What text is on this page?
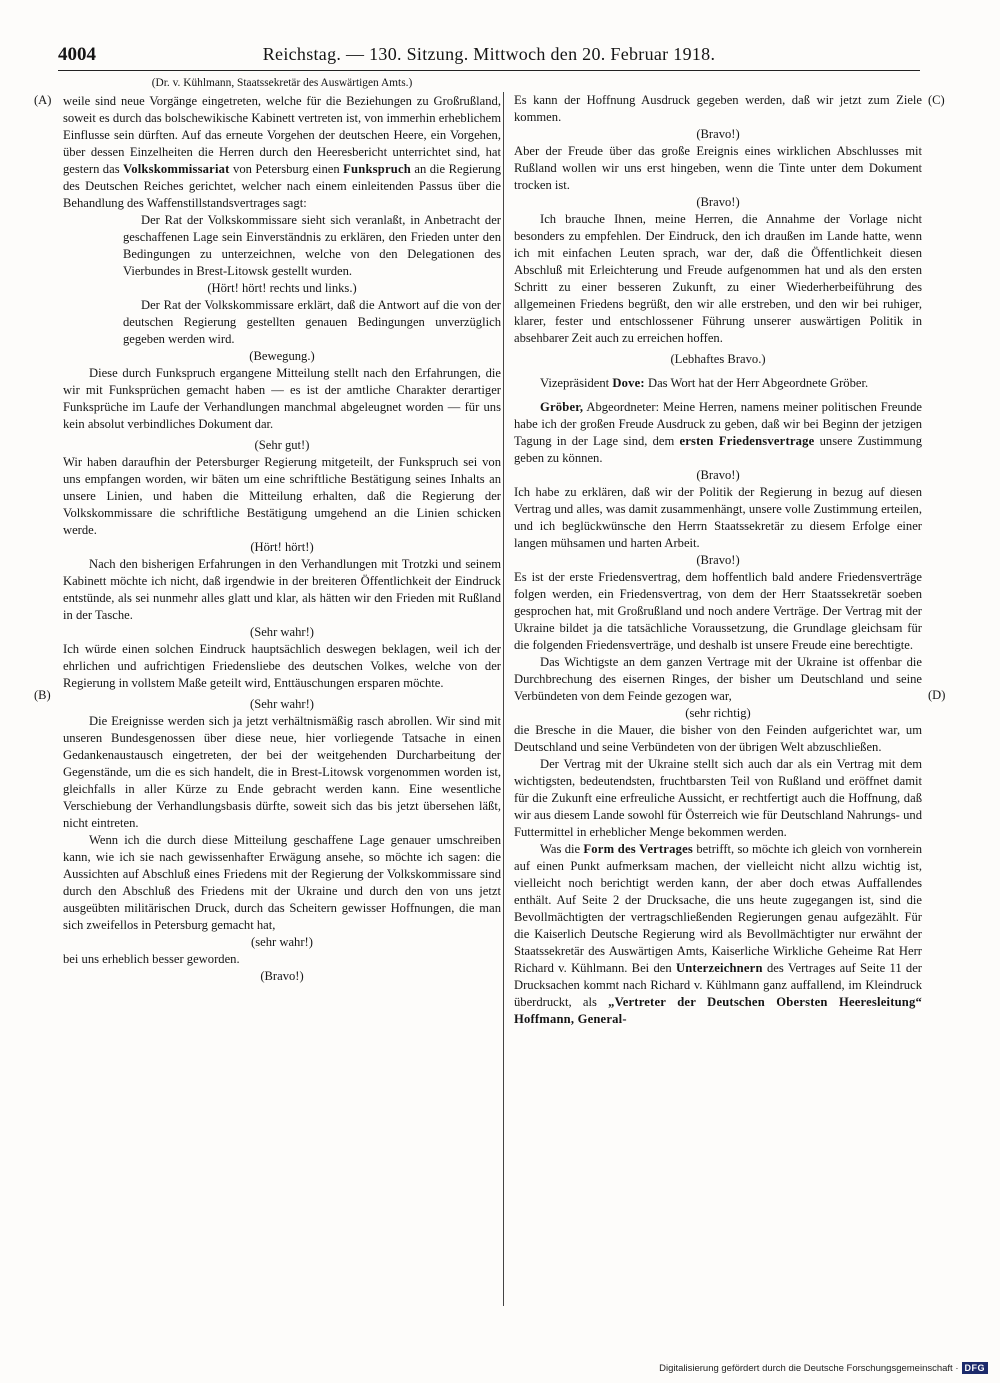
4004	Reichstag. — 130. Sitzung. Mittwoch den 20. Februar 1918.
(A)
(B)
(C)
(D)
(Dr. v. Kühlmann, Staatssekretär des Auswärtigen Amts.)

weile sind neue Vorgänge eingetreten, welche für die Beziehungen zu Großrußland, soweit es durch das bolschewikische Kabinett vertreten ist, von immerhin erheblichem Einflusse sein dürften. Auf das erneute Vorgehen der deutschen Heere, ein Vorgehen, über dessen Einzelheiten die Herren durch den Heeresbericht unterrichtet sind, hat gestern das Volkskommissariat von Petersburg einen Funkspruch an die Regierung des Deutschen Reiches gerichtet, welcher nach einem einleitenden Passus über die Behandlung des Waffenstillstandsvertrages sagt:

Der Rat der Volkskommissare sieht sich veranlaßt, in Anbetracht der geschaffenen Lage sein Einverständnis zu erklären, den Frieden unter den Bedingungen zu unterzeichnen, welche von den Delegationen des Vierbundes in Brest-Litowsk gestellt wurden.

(Hört! hört! rechts und links.)

Der Rat der Volkskommissare erklärt, daß die Antwort auf die von der deutschen Regierung gestellten genauen Bedingungen unverzüglich gegeben werden wird.

(Bewegung.)

Diese durch Funkspruch ergangene Mitteilung stellt nach den Erfahrungen, die wir mit Funksprüchen gemacht haben — es ist der amtliche Charakter derartiger Funksprüche im Laufe der Verhandlungen manchmal abgeleugnet worden — für uns kein absolut verbindliches Dokument dar.

(Sehr gut!)

Wir haben daraufhin der Petersburger Regierung mitgeteilt, der Funkspruch sei von uns empfangen worden, wir bäten um eine schriftliche Bestätigung seines Inhalts an unsere Linien, und haben die Mitteilung erhalten, daß die Regierung der Volkskommissare die schriftliche Bestätigung umgehend an die Linien schicken werde.

(Hört! hört!)

Nach den bisherigen Erfahrungen in den Verhandlungen mit Trotzki und seinem Kabinett möchte ich nicht, daß irgendwie in der breiteren Öffentlichkeit der Eindruck entstünde, als sei nunmehr alles glatt und klar, als hätten wir den Frieden mit Rußland in der Tasche.

(Sehr wahr!)

Ich würde einen solchen Eindruck hauptsächlich deswegen beklagen, weil ich der ehrlichen und aufrichtigen Friedensliebe des deutschen Volkes, welche von der Regierung in vollstem Maße geteilt wird, Enttäuschungen ersparen möchte.

(Sehr wahr!)

Die Ereignisse werden sich ja jetzt verhältnismäßig rasch abrollen. Wir sind mit unseren Bundesgenossen über diese neue, hier vorliegende Tatsache in einen Gedankenaustausch eingetreten, der bei der weitgehenden Durcharbeitung der Gegenstände, um die es sich handelt, die in Brest-Litowsk vorgenommen worden ist, gleichfalls in aller Kürze zu Ende gebracht werden kann. Eine wesentliche Verschiebung der Verhandlungsbasis dürfte, soweit sich das bis jetzt übersehen läßt, nicht eintreten.

Wenn ich die durch diese Mitteilung geschaffene Lage genauer umschreiben kann, wie ich sie nach gewissenhafter Erwägung ansehe, so möchte ich sagen: die Aussichten auf Abschluß eines Friedens mit der Regierung der Volkskommissare sind durch den Abschluß des Friedens mit der Ukraine und durch den von uns jetzt ausgeübten militärischen Druck, durch das Scheitern gewisser Hoffnungen, die man sich zweifellos in Petersburg gemacht hat,

(sehr wahr!)

bei uns erheblich besser geworden.

(Bravo!)

Es kann der Hoffnung Ausdruck gegeben werden, daß wir jetzt zum Ziele kommen.

(Bravo!)

Aber der Freude über das große Ereignis eines wirklichen Abschlusses mit Rußland wollen wir uns erst hingeben, wenn die Tinte unter dem Dokument trocken ist.

(Bravo!)

Ich brauche Ihnen, meine Herren, die Annahme der Vorlage nicht besonders zu empfehlen. Der Eindruck, den ich draußen im Lande hatte, wenn ich mit einfachen Leuten sprach, war der, daß die Öffentlichkeit diesen Abschluß mit Erleichterung und Freude aufgenommen hat und als den ersten Schritt zu einer besseren Zukunft, zu einer Wiederherbeiführung des allgemeinen Friedens begrüßt, den wir alle erstreben, und den wir bei ruhiger, klarer, fester und entschlossener Führung unserer auswärtigen Politik in absehbarer Zeit auch zu erreichen hoffen.

(Lebhaftes Bravo.)

Vizepräsident Dove: Das Wort hat der Herr Abgeordnete Gröber.

Gröber, Abgeordneter: Meine Herren, namens meiner politischen Freunde habe ich der großen Freude Ausdruck zu geben, daß wir bei Beginn der jetzigen Tagung in der Lage sind, dem ersten Friedensvertrage unsere Zustimmung geben zu können.

(Bravo!)

Ich habe zu erklären, daß wir der Politik der Regierung in bezug auf diesen Vertrag und alles, was damit zusammenhängt, unsere volle Zustimmung erteilen, und ich beglückwünsche den Herrn Staatssekretär zu diesem Erfolge einer langen mühsamen und harten Arbeit.

(Bravo!)

Es ist der erste Friedensvertrag, dem hoffentlich bald andere Friedensverträge folgen werden, ein Friedensvertrag, von dem der Herr Staatssekretär soeben gesprochen hat, mit Großrußland und noch andere Verträge. Der Vertrag mit der Ukraine bildet ja die tatsächliche Voraussetzung, die Grundlage gleichsam für die folgenden Friedensverträge, und deshalb ist unsere Freude eine berechtigte.

Das Wichtigste an dem ganzen Vertrage mit der Ukraine ist offenbar die Durchbrechung des eisernen Ringes, der bisher um Deutschland und seine Verbündeten von dem Feinde gezogen war,

(sehr richtig)

die Bresche in die Mauer, die bisher von den Feinden aufgerichtet war, um Deutschland und seine Verbündeten von der übrigen Welt abzuschließen.

Der Vertrag mit der Ukraine stellt sich auch dar als ein Vertrag mit dem wichtigsten, bedeutendsten, fruchtbarsten Teil von Rußland und eröffnet damit für die Zukunft eine erfreuliche Aussicht, er rechtfertigt auch die Hoffnung, daß wir aus diesem Lande sowohl für Österreich wie für Deutschland Nahrungs- und Futtermittel in erheblicher Menge bekommen werden.

Was die Form des Vertrages betrifft, so möchte ich gleich von vornherein auf einen Punkt aufmerksam machen, der vielleicht nicht allzu wichtig ist, vielleicht noch berichtigt werden kann, der aber doch etwas Auffallendes enthält. Auf Seite 2 der Drucksache, die uns heute zugegangen ist, sind die Bevollmächtigten der vertragschließenden Regierungen genau aufgezählt. Für die Kaiserlich Deutsche Regierung wird als Bevollmächtigter nur erwähnt der Staatssekretär des Auswärtigen Amts, Kaiserliche Wirkliche Geheime Rat Herr Richard v. Kühlmann. Bei den Unterzeichnern des Vertrages auf Seite 11 der Drucksachen kommt nach Richard v. Kühlmann ganz auffallend, im Kleindruck überdruckt, als „Vertreter der Deutschen Obersten Heeresleitung“ Hoffmann, General-

Digitalisierung gefördert durch die Deutsche Forschungsgemeinschaft · DFG
